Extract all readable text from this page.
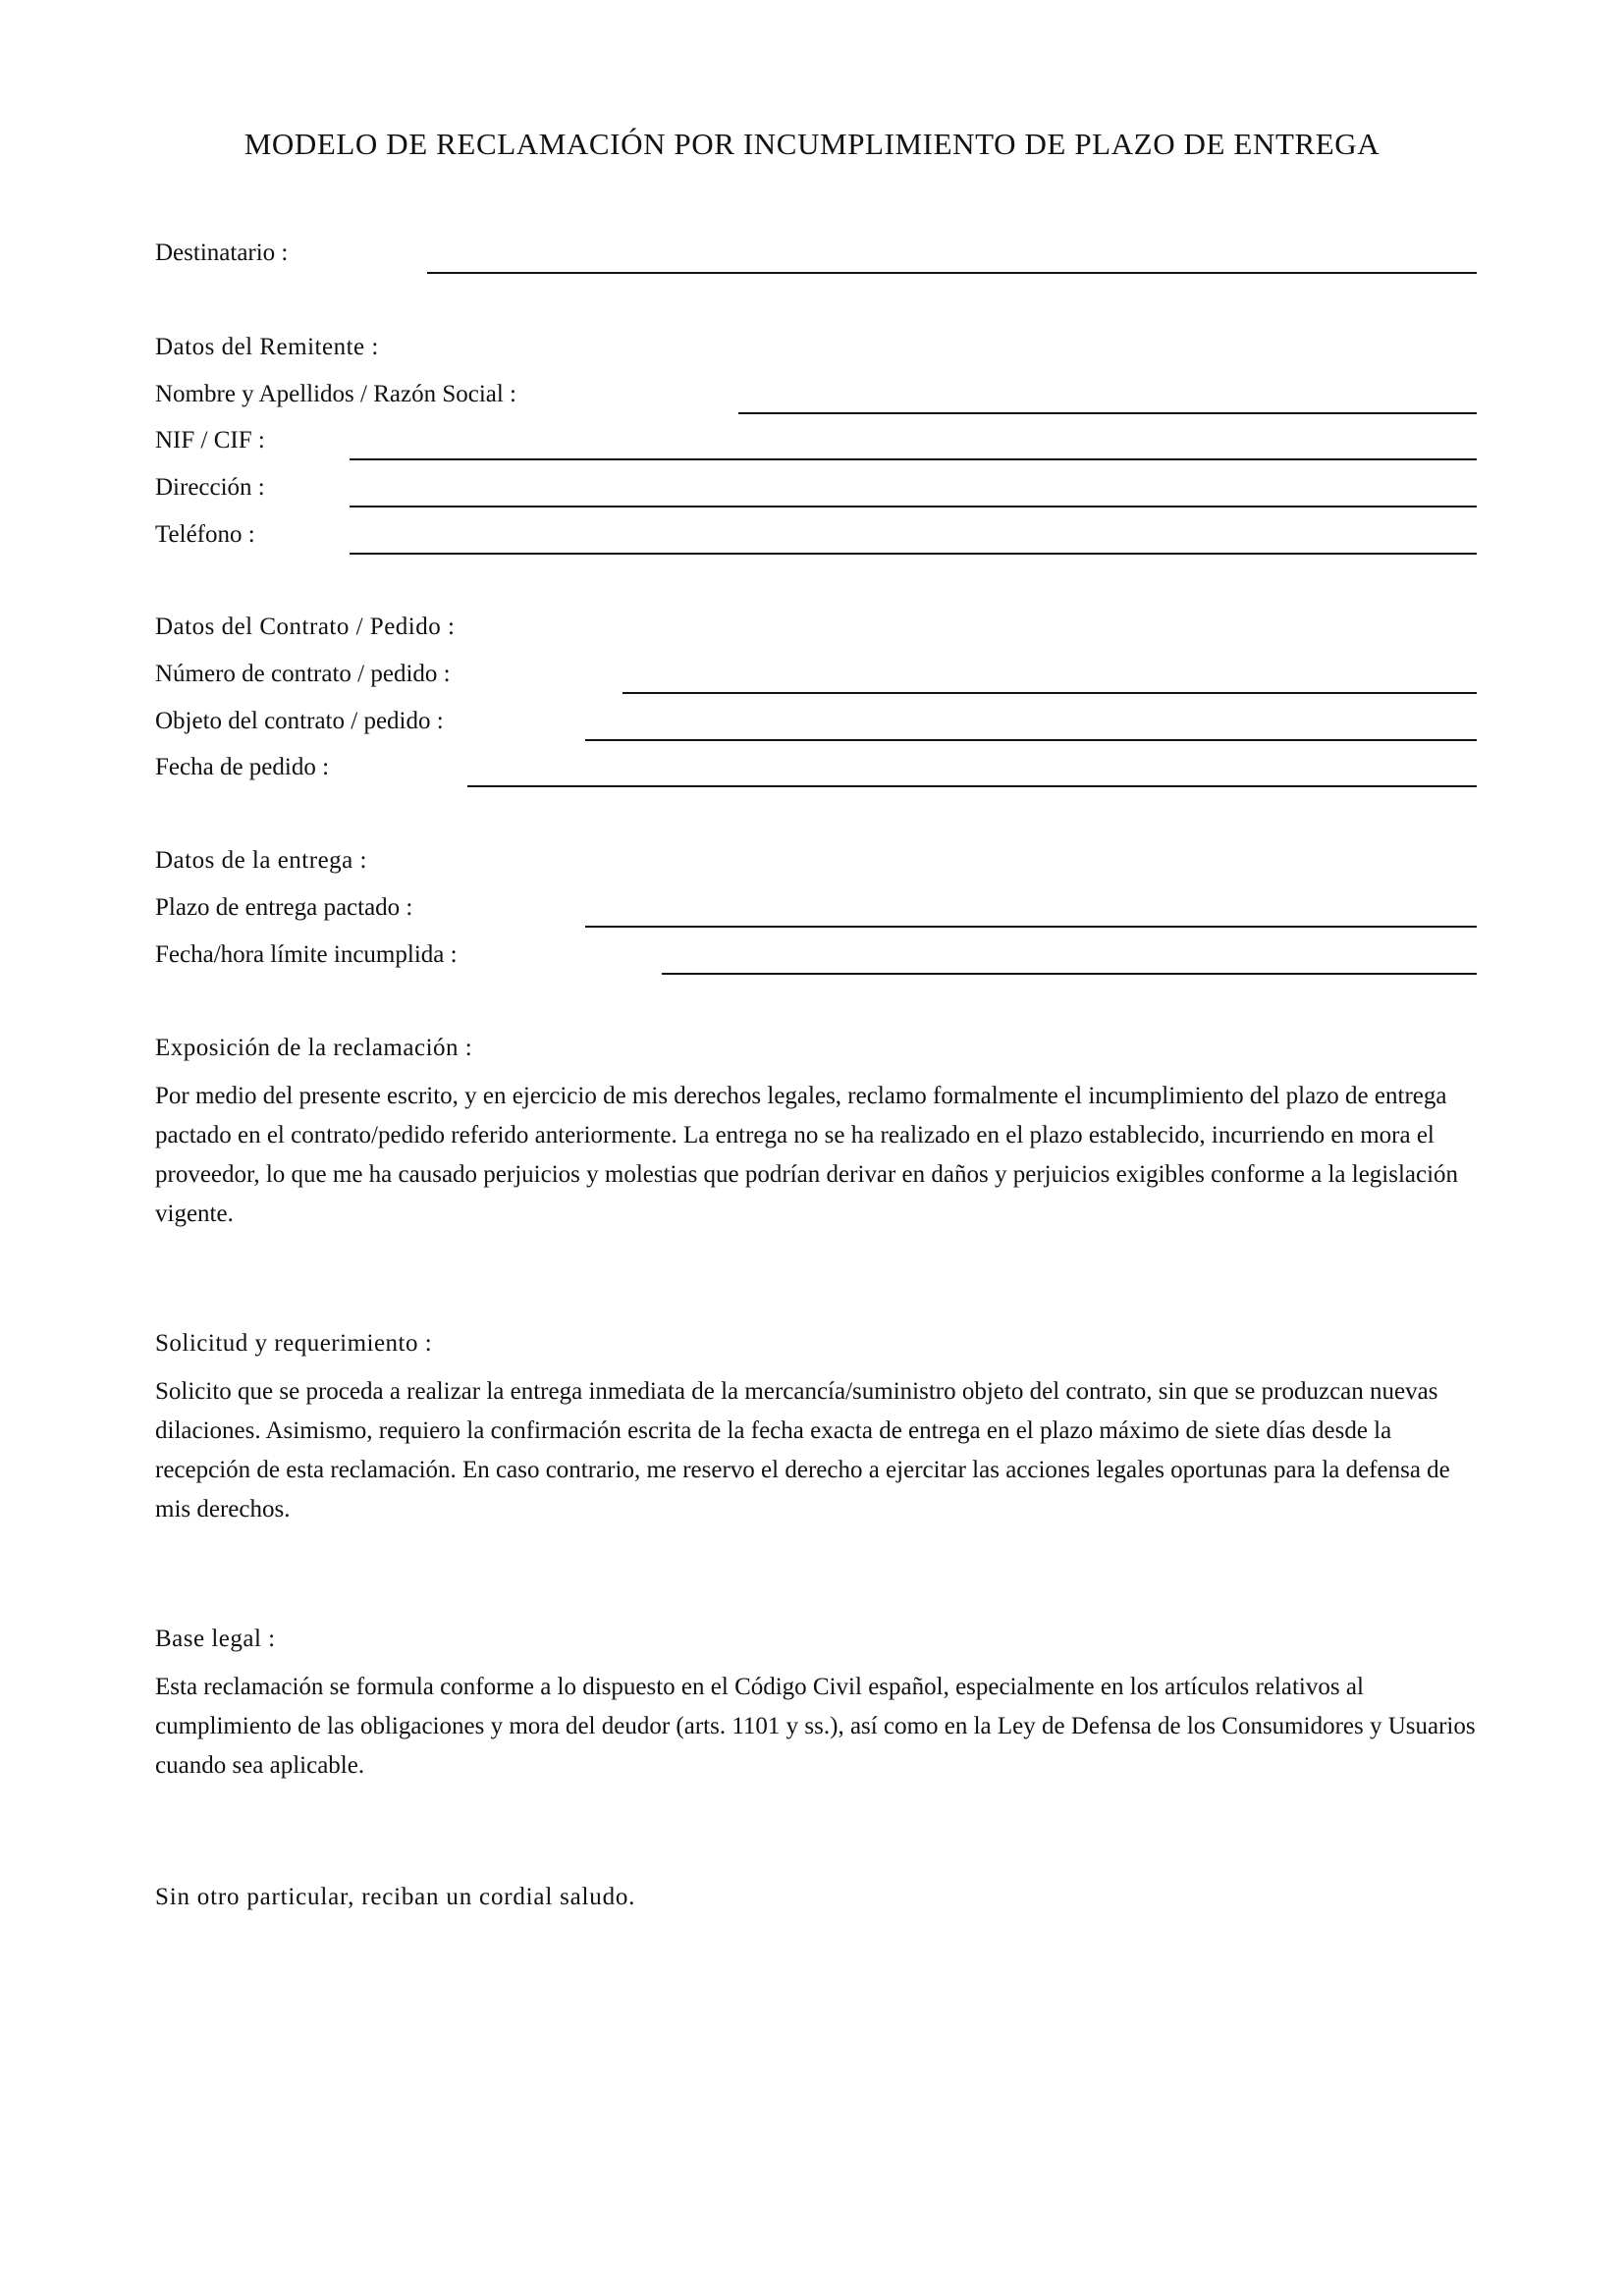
MODELO DE RECLAMACIÓN POR INCUMPLIMIENTO DE PLAZO DE ENTREGA
Destinatario :
Datos del Remitente :
Nombre y Apellidos / Razón Social :
NIF / CIF :
Dirección :
Teléfono :
Datos del Contrato / Pedido :
Número de contrato / pedido :
Objeto del contrato / pedido :
Fecha de pedido :
Datos de la entrega :
Plazo de entrega pactado :
Fecha/hora límite incumplida :
Exposición de la reclamación :
Por medio del presente escrito, y en ejercicio de mis derechos legales, reclamo formalmente el incumplimiento del plazo de entrega pactado en el contrato/pedido referido anteriormente. La entrega no se ha realizado en el plazo establecido, incurriendo en mora el proveedor, lo que me ha causado perjuicios y molestias que podrían derivar en daños y perjuicios exigibles conforme a la legislación vigente.
Solicitud y requerimiento :
Solicito que se proceda a realizar la entrega inmediata de la mercancía/suministro objeto del contrato, sin que se produzcan nuevas dilaciones. Asimismo, requiero la confirmación escrita de la fecha exacta de entrega en el plazo máximo de siete días desde la recepción de esta reclamación. En caso contrario, me reservo el derecho a ejercitar las acciones legales oportunas para la defensa de mis derechos.
Base legal :
Esta reclamación se formula conforme a lo dispuesto en el Código Civil español, especialmente en los artículos relativos al cumplimiento de las obligaciones y mora del deudor (arts. 1101 y ss.), así como en la Ley de Defensa de los Consumidores y Usuarios cuando sea aplicable.
Sin otro particular, reciban un cordial saludo.
